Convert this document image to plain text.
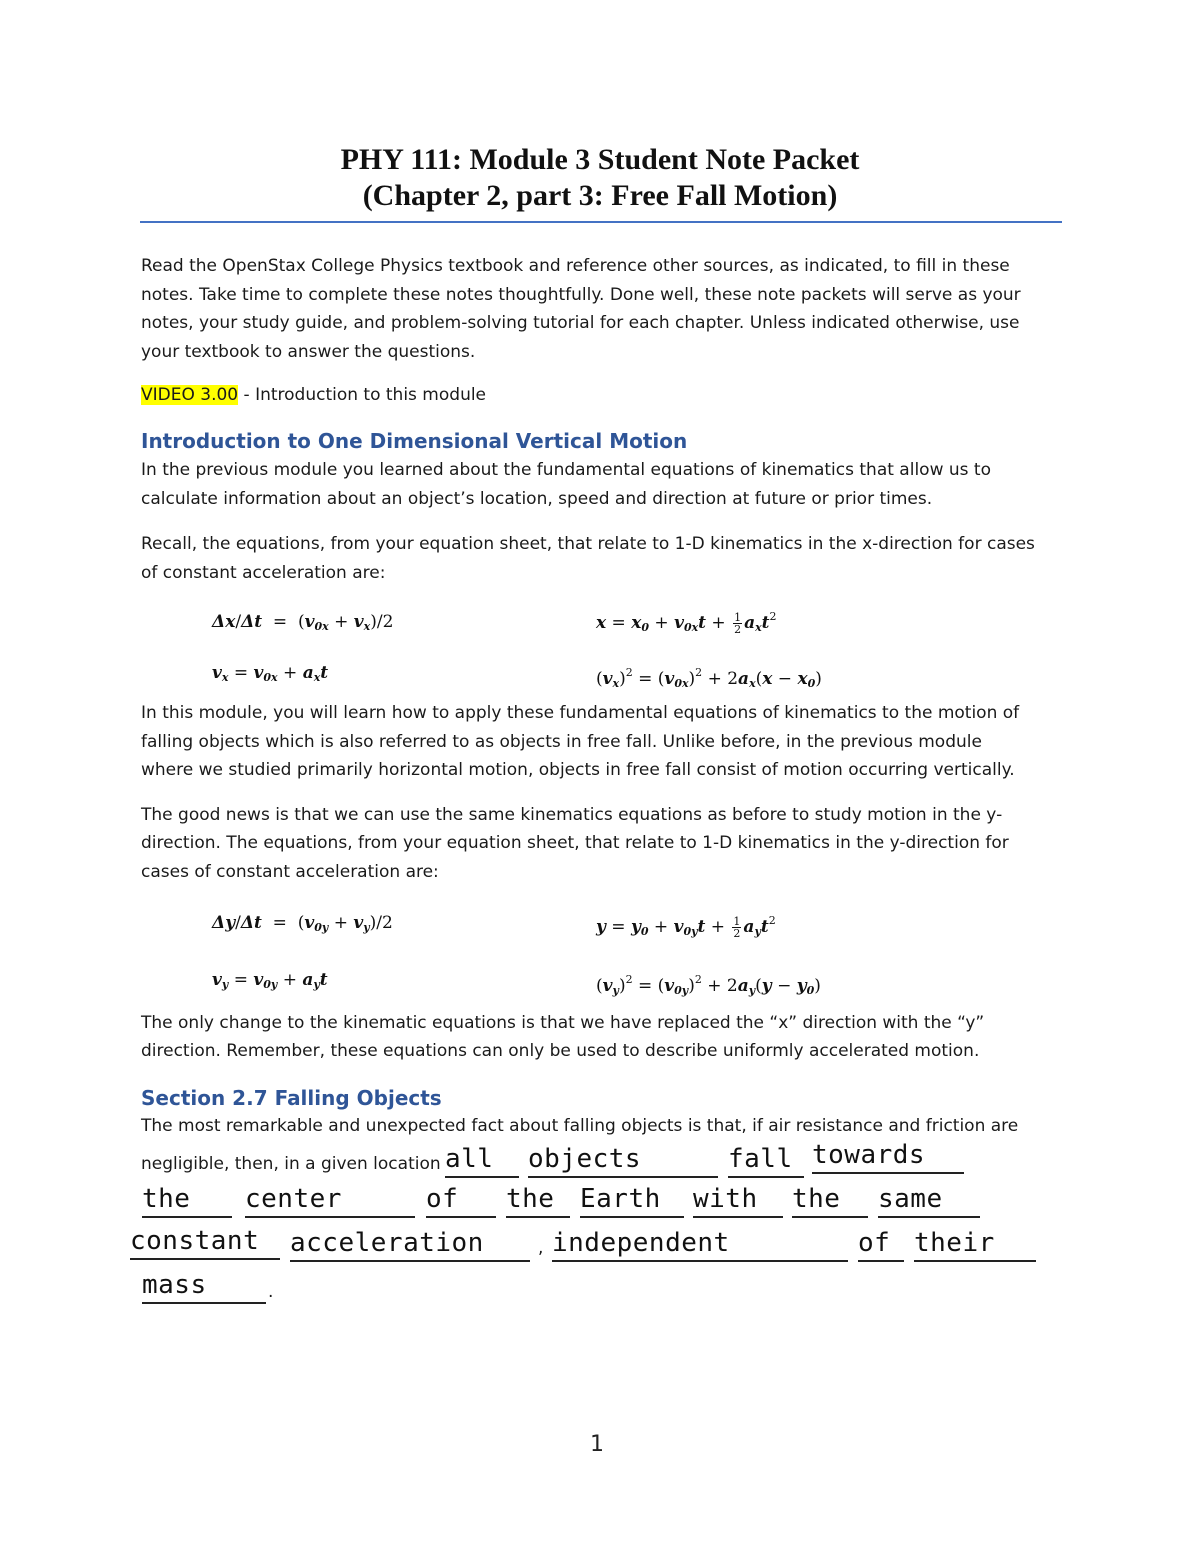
PHY 111: Module 3 Student Note Packet
(Chapter 2, part 3: Free Fall Motion)

Read the OpenStax College Physics textbook and reference other sources, as indicated, to fill in these

notes. Take time to complete these notes thoughtfully. Done well, these note packets will serve as your

notes, your study guide, and problem-solving tutorial for each chapter. Unless indicated otherwise, use

your textbook to answer the questions.

VIDEO 3.00 - Introduction to this module

Introduction to One Dimensional Vertical Motion

In the previous module you learned about the fundamental equations of kinematics that allow us to

calculate information about an object’s location, speed and direction at future or prior times.

Recall, the equations, from your equation sheet, that relate to 1-D kinematics in the x-direction for cases

of constant acceleration are:

$\Delta x/\Delta t = (v_{0x} + v_x)/2$	$x = x_0 + v_{0x}t + \frac{1}{2} a_xt^2$
$v_x = v_{0x} + a_xt$	$(v_x)^2 = (v_{0x})^2 + 2a_x(x - x_0)$

In this module, you will learn how to apply these fundamental equations of kinematics to the motion of

falling objects which is also referred to as objects in free fall. Unlike before, in the previous module

where we studied primarily horizontal motion, objects in free fall consist of motion occurring vertically.

The good news is that we can use the same kinematics equations as before to study motion in the y-

direction. The equations, from your equation sheet, that relate to 1-D kinematics in the y-direction for

cases of constant acceleration are:

$\Delta y/\Delta t = (v_{0y} + v_y)/2$	$y = y_0 + v_{0y}t + \frac{1}{2} a_yt^2$
$v_y = v_{0y} + a_yt$	$(v_y)^2 = (v_{0y})^2 + 2a_y(y - y_0)$

The only change to the kinematic equations is that we have replaced the “x” direction with the “y”

direction. Remember, these equations can only be used to describe uniformly accelerated motion.

Section 2.7 Falling Objects

The most remarkable and unexpected fact about falling objects is that, if air resistance and friction are

negligible, then, in a given location all	objects	fall towards
the	center	of	the Earth	with	the	same
constant	acceleration	, independent	of their
mass	.
1
